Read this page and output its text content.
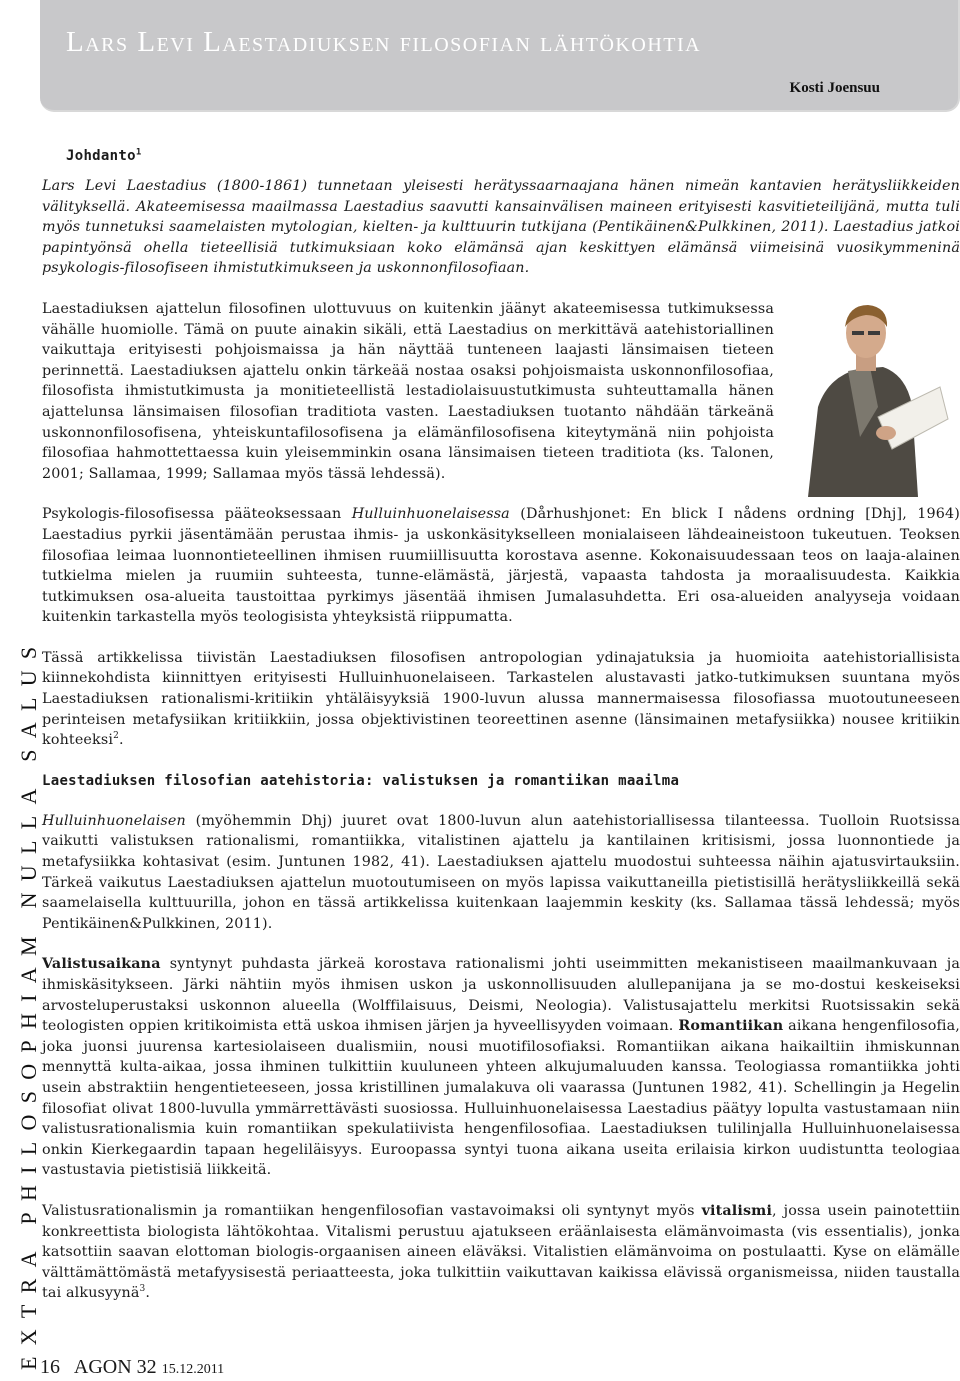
Lars Levi Laestadiuksen filosofian lähtökohtia
Kosti Joensuu
EXTRA PHILOSOPHIAM NULLA SALUS
Johdanto$^1$

Lars Levi Laestadius (1800-1861) tunnetaan yleisesti herätyssaarnaajana hänen nimeän kantavien herätysliikkeiden välityksellä. Akateemisessa maailmassa Laestadius saavutti kansainvälisen maineen erityisesti kasvitieteilijänä, mutta tuli myös tunnetuksi saamelaisten mytologian, kielten- ja kulttuurin tutkijana (Pentikäinen&Pulkkinen, 2011). Laestadius jatkoi papintyönsä ohella tieteellisiä tutkimuksiaan koko elämänsä ajan keskittyen elämänsä viimeisinä vuosikymmeninä psykologis-filosofiseen ihmistutkimukseen ja uskonnonfilosofiaan.

Laestadiuksen ajattelun filosofinen ulottuvuus on kuitenkin jäänyt akateemisessa tutkimuksessa vähälle huomiolle. Tämä on puute ainakin sikäli, että Laestadius on merkittävä aatehistoriallinen vaikuttaja erityisesti pohjoismaissa ja hän näyttää tunteneen laajasti länsimaisen tieteen perinnettä. Laestadiuksen ajattelu onkin tärkeää nostaa osaksi pohjoismaista uskonnonfilosofiaa, filosofista ihmistutkimusta ja monitieteellistä lestadiolaisuustutkimusta suhteuttamalla hänen ajattelunsa länsimaisen filosofian traditiota vasten. Laestadiuksen tuotanto nähdään tärkeänä uskonnonfilosofisena, yhteiskuntafilosofisena ja elämänfilosofisena kiteytymänä niin pohjoista filosofiaa hahmottettaessa kuin yleisemminkin osana länsimaisen tieteen traditiota (ks. Talonen, 2001; Sallamaa, 1999; Sallamaa myös tässä lehdessä).

Psykologis-filosofisessa pääteoksessaan Hulluinhuonelaisessa (Dårhushjonet: En blick I nådens ordning [Dhj], 1964) Laestadius pyrkii jäsentämään perustaa ihmis- ja uskonkäsitykselleen monialaiseen lähdeaineistoon tukeutuen. Teoksen filosofiaa leimaa luonnontieteellinen ihmisen ruumiillisuutta korostava asenne. Kokonaisuudessaan teos on laaja-alainen tutkielma mielen ja ruumiin suhteesta, tunne-elämästä, järjestä, vapaasta tahdosta ja moraalisuudesta. Kaikkia tutkimuksen osa-alueita taustoittaa pyrkimys jäsentää ihmisen Jumalasuhdetta. Eri osa-alueiden analyyseja voidaan kuitenkin tarkastella myös teologisista yhteyksistä riippumatta.

Tässä artikkelissa tiivistän Laestadiuksen filosofisen antropologian ydinajatuksia ja huomioita aatehistoriallisista kiinnekohdista kiinnittyen erityisesti Hulluinhuonelaiseen. Tarkastelen alustavasti jatko-tutkimuksen suuntana myös Laestadiuksen rationalismi-kritiikin yhtäläisyyksiä 1900-luvun alussa mannermaisessa filosofiassa muotoutuneeseen perinteisen metafysiikan kritiikkiin, jossa objektivistinen teoreettinen asenne (länsimainen metafysiikka) nousee kritiikin kohteeksi$^2$.

Laestadiuksen filosofian aatehistoria: valistuksen ja romantiikan maailma

Hulluinhuonelaisen (myöhemmin Dhj) juuret ovat 1800-luvun alun aatehistoriallisessa tilanteessa. Tuolloin Ruotsissa vaikutti valistuksen rationalismi, romantiikka, vitalistinen ajattelu ja kantilainen kritisismi, jossa luonnontiede ja metafysiikka kohtasivat (esim. Juntunen 1982, 41). Laestadiuksen ajattelu muodostui suhteessa näihin ajatusvirtauksiin. Tärkeä vaikutus Laestadiuksen ajattelun muotoutumiseen on myös lapissa vaikuttaneilla pietistisillä herätysliikkeillä sekä saamelaisella kulttuurilla, johon en tässä artikkelissa kuitenkaan laajemmin keskity (ks. Sallamaa tässä lehdessä; myös Pentikäinen&Pulkkinen, 2011).

Valistusaikana syntynyt puhdasta järkeä korostava rationalismi johti useimmitten mekanistiseen maailmankuvaan ja ihmiskäsitykseen. Järki nähtiin myös ihmisen uskon ja uskonnollisuuden alullepanijana ja se mo-dostui keskeiseksi arvosteluperustaksi uskonnon alueella (Wolffilaisuus, Deismi, Neologia). Valistusajattelu merkitsi Ruotsissakin sekä teologisten oppien kritikoimista että uskoa ihmisen järjen ja hyveellisyyden voimaan. Romantiikan aikana hengenfilosofia, joka juonsi juurensa kartesiolaiseen dualismiin, nousi muotifilosofiaksi. Romantiikan aikana haikailtiin ihmiskunnan mennyttä kulta-aikaa, jossa ihminen tulkittiin kuuluneen yhteen alkujumaluuden kanssa. Teologiassa romantiikka johti usein abstraktiin hengentieteeseen, jossa kristillinen jumalakuva oli vaarassa (Juntunen 1982, 41). Schellingin ja Hegelin filosofiat olivat 1800-luvulla ymmärrettävästi suosiossa. Hulluinhuonelaisessa Laestadius päätyy lopulta vastustamaan niin valistusrationalismia kuin romantiikan spekulatiivista hengenfilosofiaa. Laestadiuksen tulilinjalla Hulluinhuonelaisessa onkin Kierkegaardin tapaan hegeliläisyys. Euroopassa syntyi tuona aikana useita erilaisia kirkon uudistuntta teologiaa vastustavia pietistisiä liikkeitä.

Valistusrationalismin ja romantiikan hengenfilosofian vastavoimaksi oli syntynyt myös vitalismi, jossa usein painotettiin konkreettista biologista lähtökohtaa. Vitalismi perustuu ajatukseen eräänlaisesta elämänvoimasta (vis essentialis), jonka katsottiin saavan elottoman biologis-orgaanisen aineen eläväksi. Vitalistien elämänvoima on postulaatti. Kyse on elämälle välttämättömästä metafyysisestä periaatteesta, joka tulkittiin vaikuttavan kaikissa elävissä organismeissa, niiden taustalla tai alkusyynä$^3$.

16 AGON 32 15.12.2011
